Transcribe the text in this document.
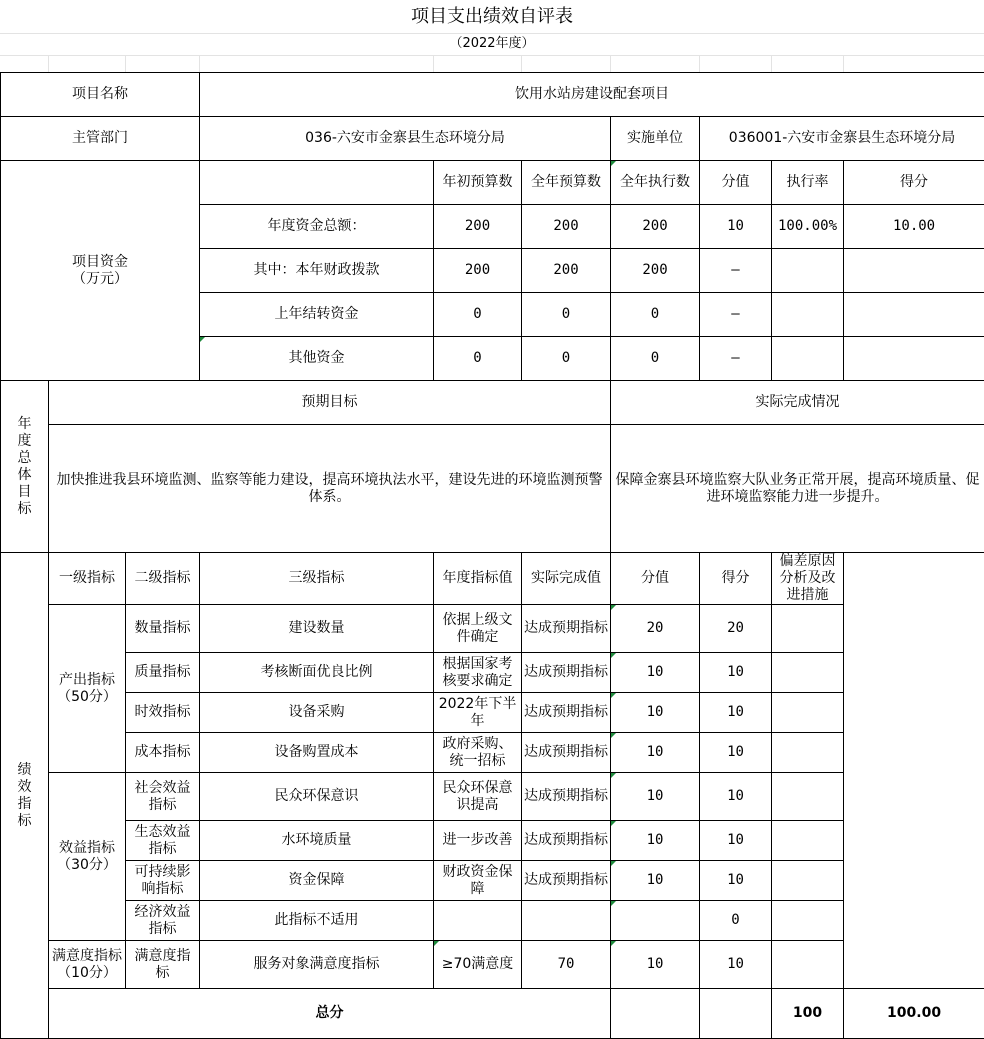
项目支出绩效自评表
（2022年度）
项目名称			饮用水站房建设配套项目							
主管部门			036-六安市金寨县生态环境分局			实施单位	036001-六安市金寨县生态环境分局			
项目资金
（万元）				年初预算数	全年预算数	全年执行数	分值	执行率	得分	
			年度资金总额：	200	200	200	10	100.00%	10.00	
			其中：本年财政拨款	200	200	200	—			
			上年结转资金	0	0	0	—			
			其他资金	0	0	0	—			
年度总体目标	预期目标					实际完成情况				
	加快推进我县环境监测、监察等能力建设，提高环境执法水平，建设先进的环境监测预警体系。					保障金寨县环境监察大队业务正常开展，提高环境质量、促进环境监察能力进一步提升。				
绩效指标	一级指标	二级指标	三级指标	年度指标值	实际完成值	分值	得分	偏差原因分析及改进措施		
	产出指标
（50分）	数量指标	建设数量	依据上级文件确定	达成预期指标	20	20			
		质量指标	考核断面优良比例	根据国家考核要求确定	达成预期指标	10	10			
		时效指标	设备采购	2022年下半年	达成预期指标	10	10			
		成本指标	设备购置成本	政府采购、统一招标	达成预期指标	10	10			
	效益指标
（30分）	社会效益指标	民众环保意识	民众环保意识提高	达成预期指标	10	10			
		生态效益指标	水环境质量	进一步改善	达成预期指标	10	10			
		可持续影响指标	资金保障	财政资金保障	达成预期指标	10	10			
		经济效益指标	此指标不适用				0			
	满意度指标（10分）	满意度指标	服务对象满意度指标	≥70满意度	70	10	10			
	总分							100	100.00	
